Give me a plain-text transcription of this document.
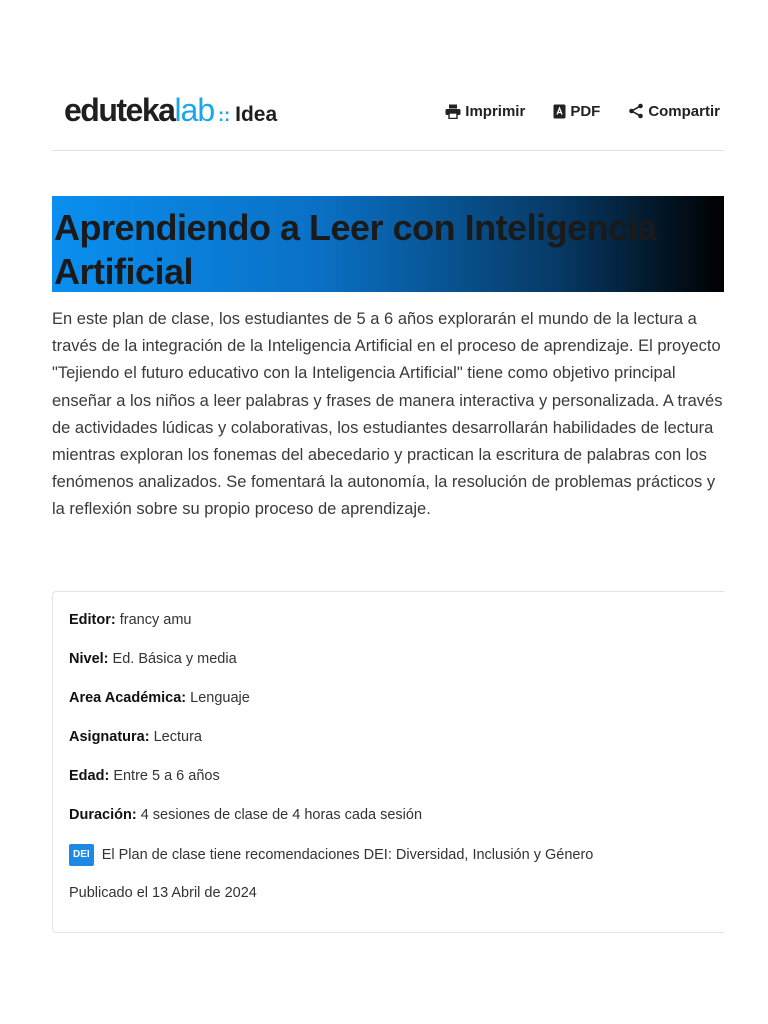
eduteka lab :: Idea	Imprimir	PDF	Compartir
Aprendiendo a Leer con Inteligencia Artificial

En este plan de clase, los estudiantes de 5 a 6 años explorarán el mundo de la lectura a través de la integración de la Inteligencia Artificial en el proceso de aprendizaje. El proyecto "Tejiendo el futuro educativo con la Inteligencia Artificial" tiene como objetivo principal enseñar a los niños a leer palabras y frases de manera interactiva y personalizada. A través de actividades lúdicas y colaborativas, los estudiantes desarrollarán habilidades de lectura mientras exploran los fonemas del abecedario y practican la escritura de palabras con los fenómenos analizados. Se fomentará la autonomía, la resolución de problemas prácticos y la reflexión sobre su propio proceso de aprendizaje.

Editor: francy amu
Nivel: Ed. Básica y media
Area Académica: Lenguaje
Asignatura: Lectura
Edad: Entre 5 a 6 años
Duración: 4 sesiones de clase de 4 horas cada sesión
DEI El Plan de clase tiene recomendaciones DEI: Diversidad, Inclusión y Género
Publicado el 13 Abril de 2024
